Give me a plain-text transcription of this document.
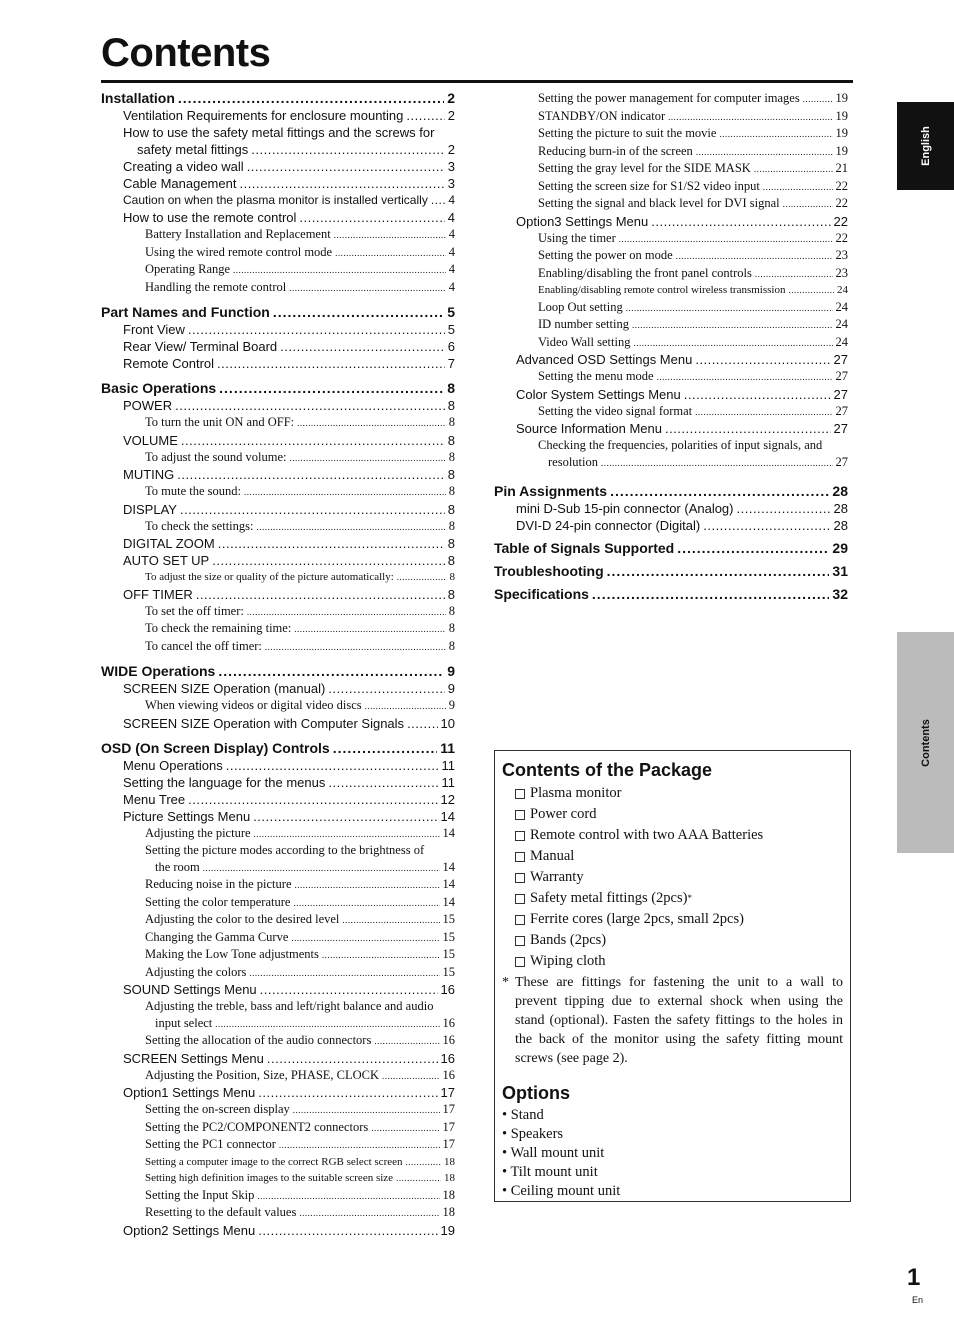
Contents
Installation .....	2
Ventilation Requirements for enclosure mounting .....	2
How to use the safety metal fittings and the screws for
safety metal fittings .....	2
Creating a video wall .....	3
Cable Management .....	3
Caution on when the plasma monitor is installed vertically ..... 4
How to use the remote control .....	4
Battery Installation and Replacement .....	4
Using the wired remote control mode .....	4
Operating Range .....	4
Handling the remote control .....	4
Part Names and Function .....	5
Front View .....	5
Rear View/ Terminal Board .....	6
Remote Control .....	7
Basic Operations .....	8
POWER .....	8
To turn the unit ON and OFF: .....	8
VOLUME .....	8
To adjust the sound volume: .....	8
MUTING .....	8
To mute the sound: .....	8
DISPLAY .....	8
To check the settings: .....	8
DIGITAL ZOOM .....	8
AUTO SET UP .....	8
To adjust the size or quality of the picture automatically: .....	8
OFF TIMER .....	8
To set the off timer: .....	8
To check the remaining time: .....	8
To cancel the off timer: .....	8
WIDE Operations .....	9
SCREEN SIZE Operation (manual) .....	9
When viewing videos or digital video discs .....	9
SCREEN SIZE Operation with Computer Signals .....	10
OSD (On Screen Display) Controls .....	11
Menu Operations .....	11
Setting the language for the menus .....	11
Menu Tree .....	12
Picture Settings Menu .....	14
Adjusting the picture .....	14
Setting the picture modes according to the brightness of
the room .....	14
Reducing noise in the picture .....	14
Setting the color temperature .....	14
Adjusting the color to the desired level .....	15
Changing the Gamma Curve .....	15
Making the Low Tone adjustments .....	15
Adjusting the colors .....	15
SOUND Settings Menu .....	16
Adjusting the treble, bass and left/right balance and audio
input select .....	16
Setting the allocation of the audio connectors .....	16
SCREEN Settings Menu .....	16
Adjusting the Position, Size, PHASE, CLOCK .....	16
Option1 Settings Menu .....	17
Setting the on-screen display .....	17
Setting the PC2/COMPONENT2 connectors .....	17
Setting the PC1 connector .....	17
Setting a computer image to the correct RGB select screen .....	18
Setting high definition images to the suitable screen size .....	18
Setting the Input Skip .....	18
Resetting to the default values .....	18
Option2 Settings Menu .....	19
Setting the power management for computer images .....	19
STANDBY/ON indicator .....	19
Setting the picture to suit the movie .....	19
Reducing burn-in of the screen .....	19
Setting the gray level for the SIDE MASK .....	21
Setting the screen size for S1/S2 video input .....	22
Setting the signal and black level for DVI signal .....	22
Option3 Settings Menu .....	22
Using the timer .....	22
Setting the power on mode .....	23
Enabling/disabling the front panel controls .....	23
Enabling/disabling remote control wireless transmission .....	24
Loop Out setting .....	24
ID number setting .....	24
Video Wall setting .....	24
Advanced OSD Settings Menu .....	27
Setting the menu mode .....	27
Color System Settings Menu .....	27
Setting the video signal format .....	27
Source Information Menu .....	27
Checking the frequencies, polarities of input signals, and
resolution .....	27
Pin Assignments .....	28
mini D-Sub 15-pin connector (Analog) .....	28
DVI-D 24-pin connector (Digital) .....	28
Table of Signals Supported .....	29
Troubleshooting .....	31
Specifications .....	32
Contents of the Package
Plasma monitor
Power cord
Remote control with two AAA Batteries
Manual
Warranty
Safety metal fittings (2pcs) *
Ferrite cores (large 2pcs, small 2pcs)
Bands (2pcs)
Wiping cloth
* These are fittings for fastening the unit to a wall to prevent tipping due to external shock when using the stand (optional). Fasten the safety fittings to the holes in the back of the monitor using the safety fitting mount screws (see page 2).
Options
• Stand
• Speakers
• Wall mount unit
• Tilt mount unit
• Ceiling mount unit
English
Contents
1
En
